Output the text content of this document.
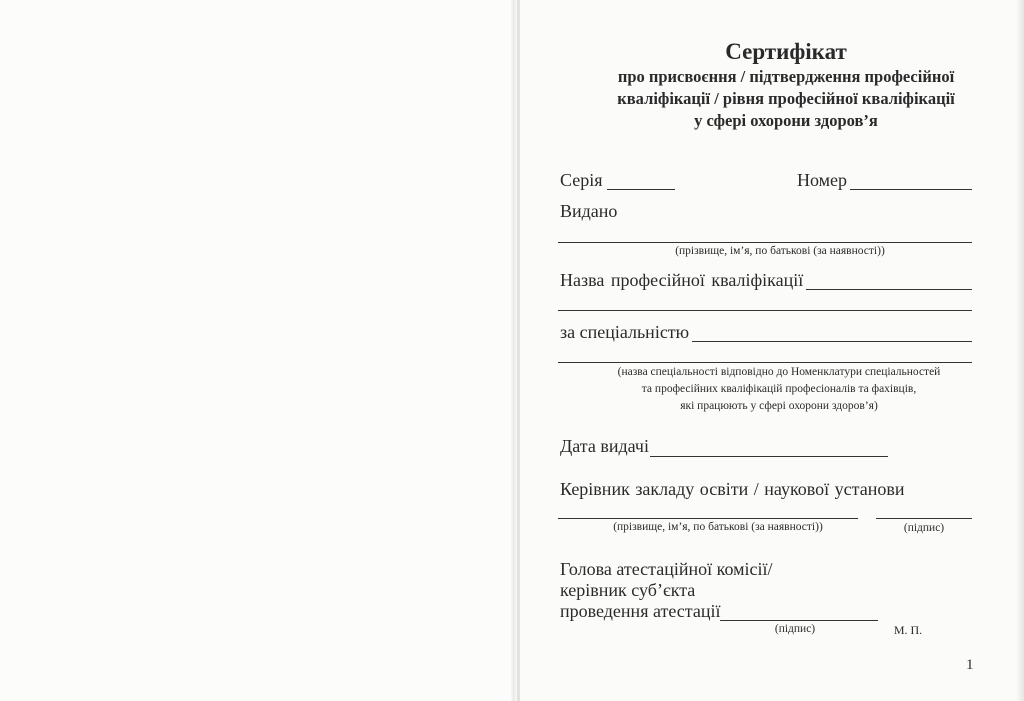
Сертифікат
про присвоєння / підтвердження професійної
кваліфікації / рівня професійної кваліфікації
у сфері охорони здоров’я
Серія	Номер
Видано
(прізвище, ім’я, по батькові (за наявності))
Назва професійної кваліфікації
за спеціальністю
(назва спеціальності відповідно до Номенклатури спеціальностей
та професійних кваліфікацій професіоналів та фахівців,
які працюють у сфері охорони здоров’я)
Дата видачі
Керівник закладу освіти / наукової установи
(прізвище, ім’я, по батькові (за наявності))	(підпис)
Голова атестаційної комісії/
керівник суб’єкта
проведення атестації
(підпис)	М. П.
1
